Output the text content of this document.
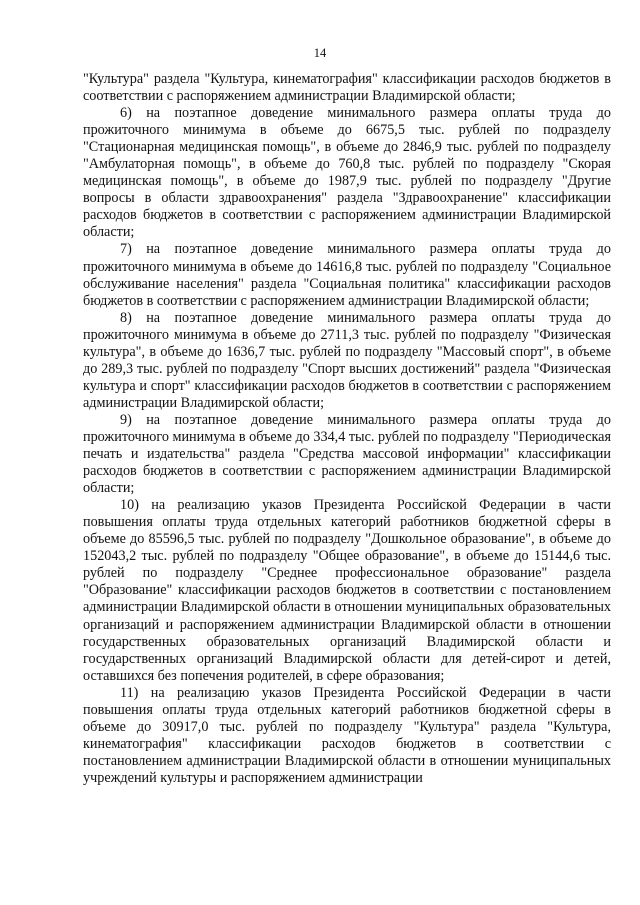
14

"Культура" раздела "Культура, кинематография" классификации расходов бюджетов в соответствии с распоряжением администрации Владимирской области;

6) на поэтапное доведение минимального размера оплаты труда до прожиточного минимума в объеме до 6675,5 тыс. рублей по подразделу "Стационарная медицинская помощь", в объеме до 2846,9 тыс. рублей по подразделу "Амбулаторная помощь", в объеме до 760,8 тыс. рублей по подразделу "Скорая медицинская помощь", в объеме до 1987,9 тыс. рублей по подразделу "Другие вопросы в области здравоохранения" раздела "Здравоохранение" классификации расходов бюджетов в соответствии с распоряжением администрации Владимирской области;

7) на поэтапное доведение минимального размера оплаты труда до прожиточного минимума в объеме до 14616,8 тыс. рублей по подразделу "Социальное обслуживание населения" раздела "Социальная политика" классификации расходов бюджетов в соответствии с распоряжением администрации Владимирской области;

8) на поэтапное доведение минимального размера оплаты труда до прожиточного минимума в объеме до 2711,3 тыс. рублей по подразделу "Физическая культура", в объеме до 1636,7 тыс. рублей по подразделу "Массовый спорт", в объеме до 289,3 тыс. рублей по подразделу "Спорт высших достижений" раздела "Физическая культура и спорт" классификации расходов бюджетов в соответствии с распоряжением администрации Владимирской области;

9) на поэтапное доведение минимального размера оплаты труда до прожиточного минимума в объеме до 334,4 тыс. рублей по подразделу "Периодическая печать и издательства" раздела "Средства массовой информации" классификации расходов бюджетов в соответствии с распоряжением администрации Владимирской области;

10) на реализацию указов Президента Российской Федерации в части повышения оплаты труда отдельных категорий работников бюджетной сферы в объеме до 85596,5 тыс. рублей по подразделу "Дошкольное образование", в объеме до 152043,2 тыс. рублей по подразделу "Общее образование", в объеме до 15144,6 тыс. рублей по подразделу "Среднее профессиональное образование" раздела "Образование" классификации расходов бюджетов в соответствии с постановлением администрации Владимирской области в отношении муниципальных образовательных организаций и распоряжением администрации Владимирской области в отношении государственных образовательных организаций Владимирской области и государственных организаций Владимирской области для детей-сирот и детей, оставшихся без попечения родителей, в сфере образования;

11) на реализацию указов Президента Российской Федерации в части повышения оплаты труда отдельных категорий работников бюджетной сферы в объеме до 30917,0 тыс. рублей по подразделу "Культура" раздела "Культура, кинематография" классификации расходов бюджетов в соответствии с постановлением администрации Владимирской области в отношении муниципальных учреждений культуры и распоряжением администрации
